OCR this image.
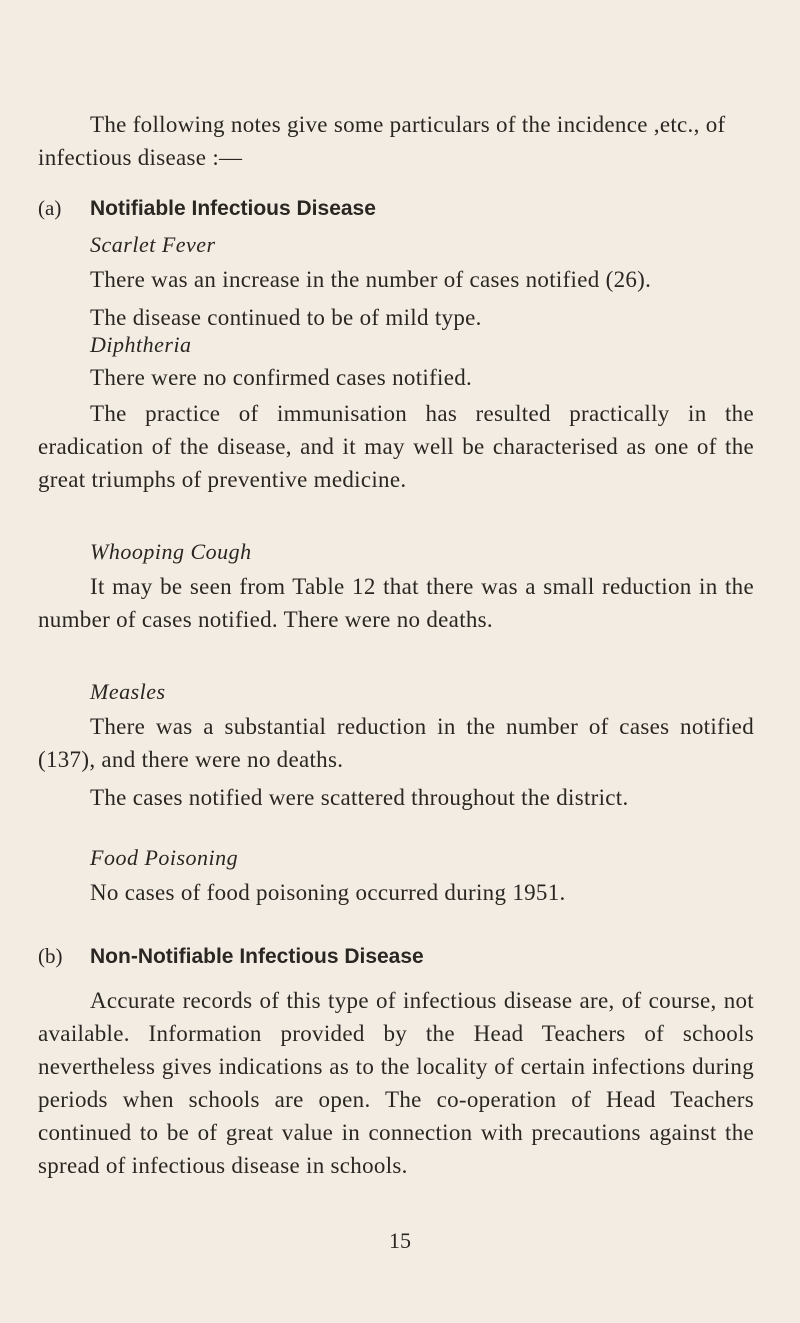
The following notes give some particulars of the incidence ,etc., of infectious disease :—
(a) Notifiable Infectious Disease
Scarlet Fever
There was an increase in the number of cases notified (26).
The disease continued to be of mild type.
Diphtheria
There were no confirmed cases notified.
The practice of immunisation has resulted practically in the eradication of the disease, and it may well be characterised as one of the great triumphs of preventive medicine.
Whooping Cough
It may be seen from Table 12 that there was a small reduction in the number of cases notified. There were no deaths.
Measles
There was a substantial reduction in the number of cases notified (137), and there were no deaths.
The cases notified were scattered throughout the district.
Food Poisoning
No cases of food poisoning occurred during 1951.
(b) Non-Notifiable Infectious Disease
Accurate records of this type of infectious disease are, of course, not available. Information provided by the Head Teachers of schools nevertheless gives indications as to the locality of certain infections during periods when schools are open. The co-operation of Head Teachers continued to be of great value in connection with precautions against the spread of infectious disease in schools.
15
